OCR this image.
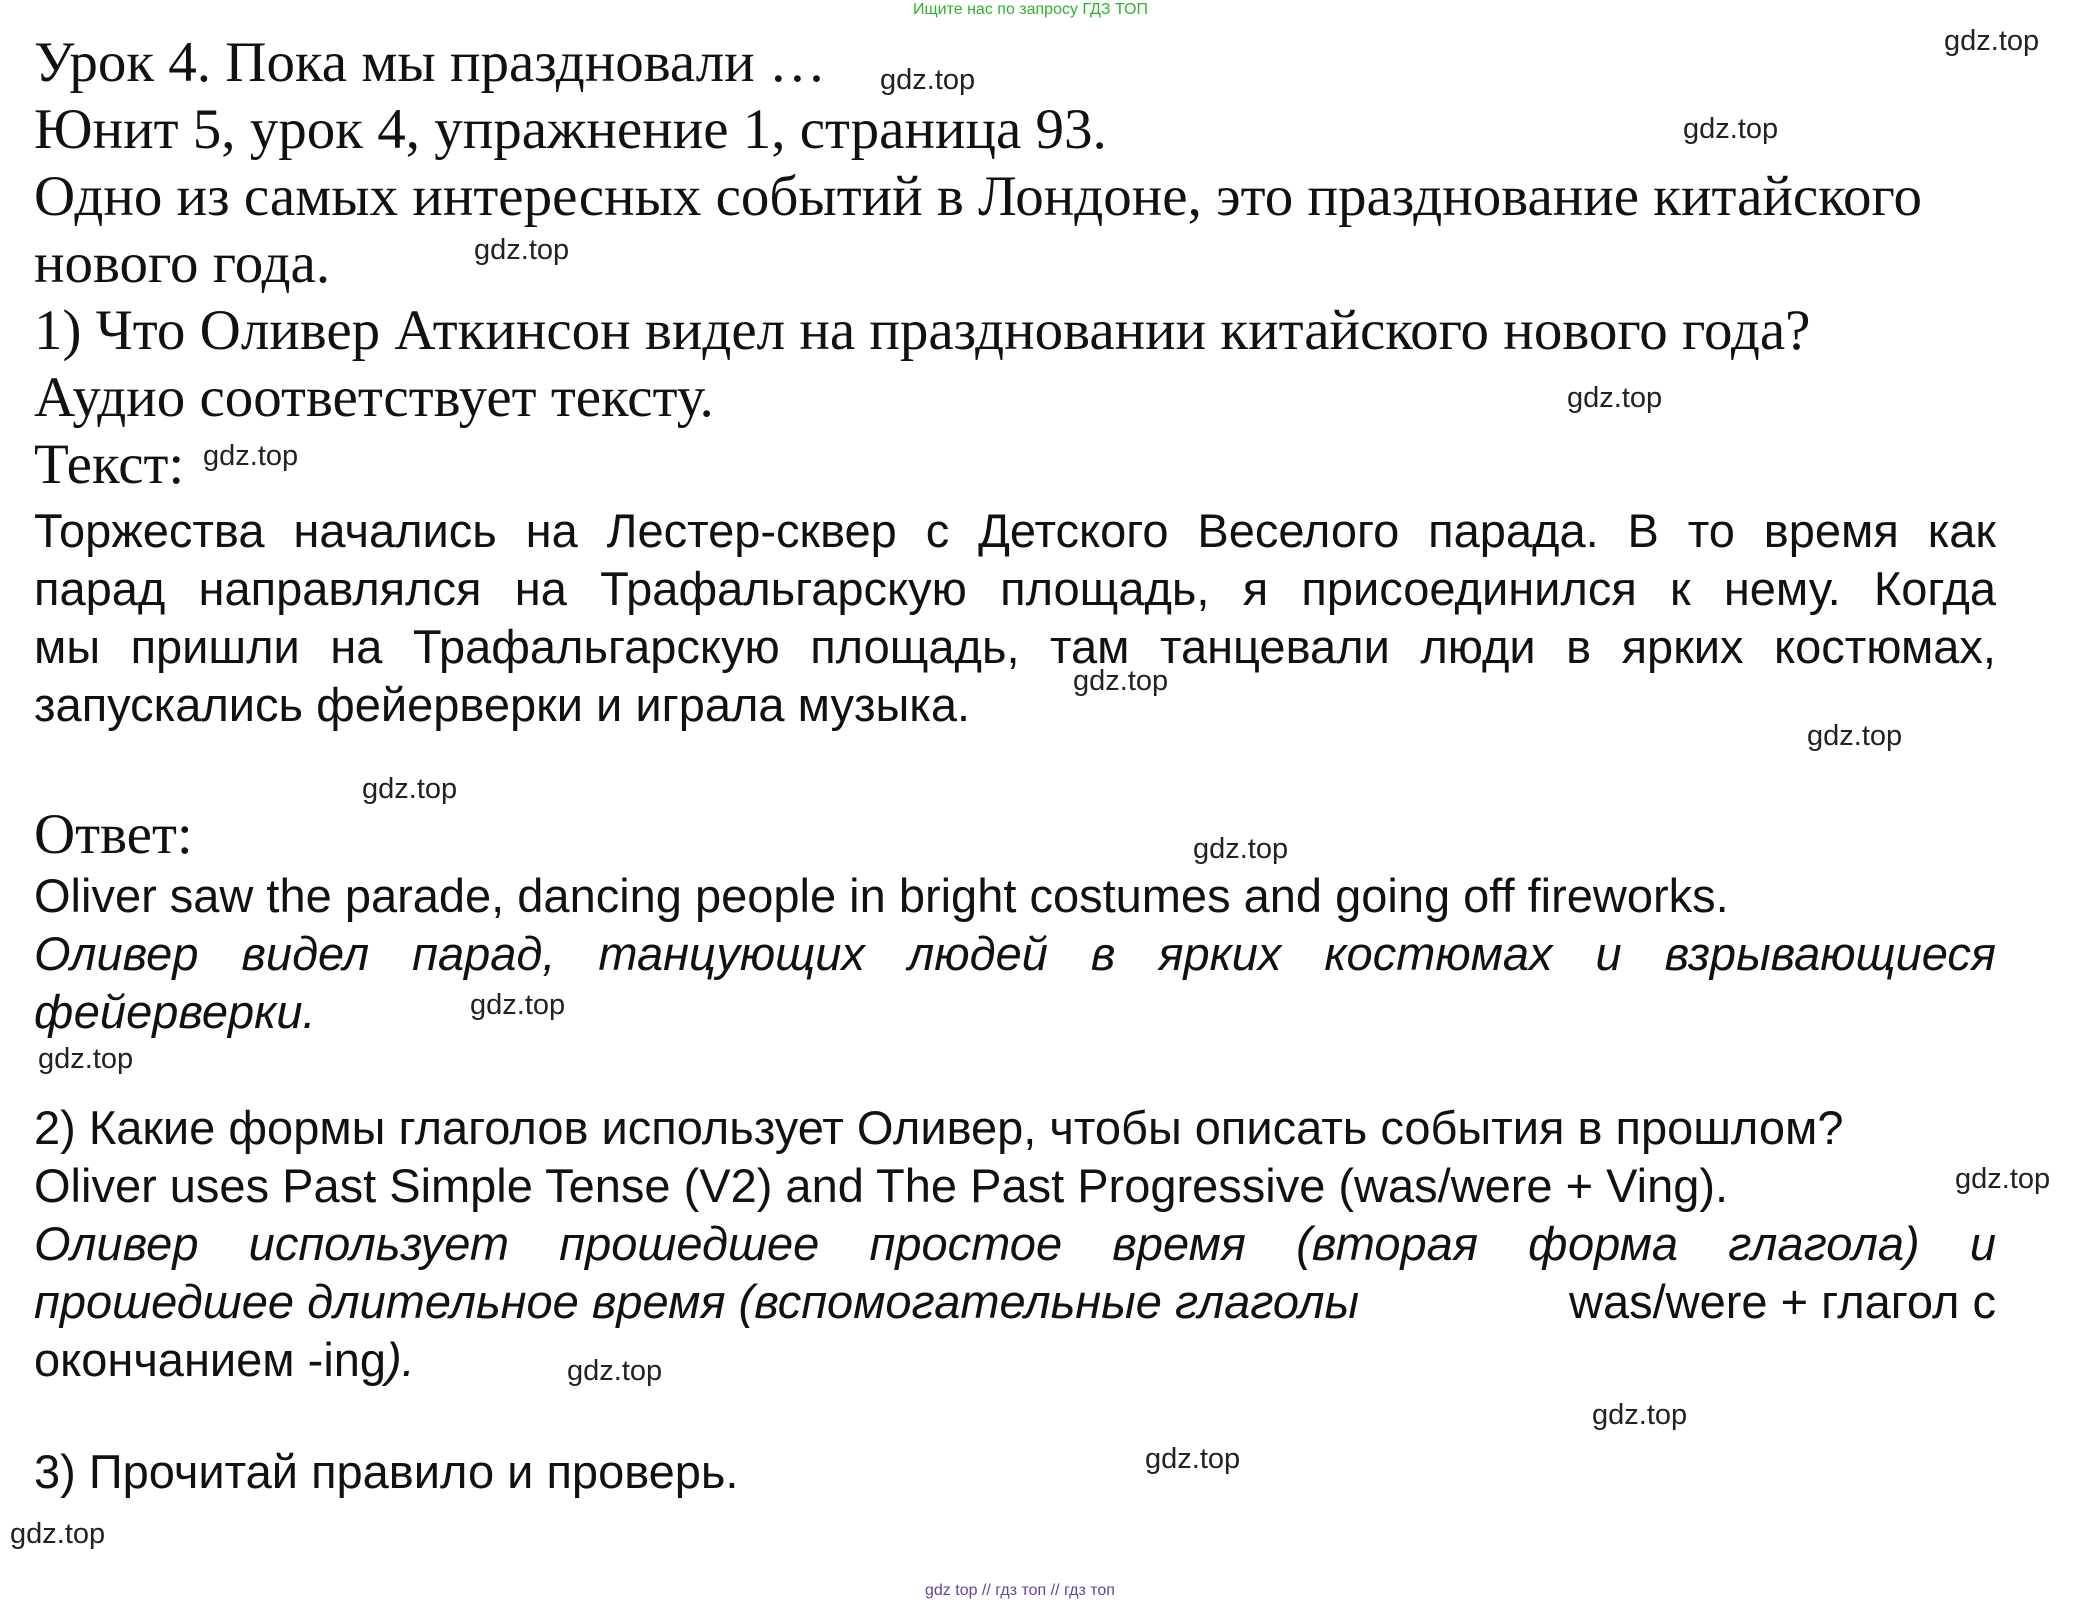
Ищите нас по запросу ГДЗ ТОП
Урок 4. Пока мы праздновали …
Юнит 5, урок 4, упражнение 1, страница 93.
Одно из самых интересных событий в Лондоне, это празднование китайского
нового года.
1) Что Оливер Аткинсон видел на праздновании китайского нового года?
Аудио соответствует тексту.
Текст:
Торжества начались на Лестер-сквер с Детского Веселого парада. В то время как
парад направлялся на Трафальгарскую площадь, я присоединился к нему. Когда
мы пришли на Трафальгарскую площадь, там танцевали люди в ярких костюмах,
запускались фейерверки и играла музыка.
Ответ:
Oliver saw the parade, dancing people in bright costumes and going off fireworks.
Оливер видел парад, танцующих людей в ярких костюмах и взрывающиеся
фейерверки.
2) Какие формы глаголов использует Оливер, чтобы описать события в прошлом?
Oliver uses Past Simple Tense (V2) and The Past Progressive (was/were + Ving).
Оливер использует прошедшее простое время (вторая форма глагола) и
прошедшее длительное время (вспомогательные глаголы	was/were + глагол с
окончанием -ing).
3) Прочитай правило и проверь.
gdz.top
gdz.top
gdz.top
gdz.top
gdz.top
gdz.top
gdz.top
gdz.top
gdz.top
gdz.top
gdz.top
gdz.top
gdz.top
gdz.top
gdz.top
gdz.top
gdz.top
gdz top // гдз топ // гдз топ
